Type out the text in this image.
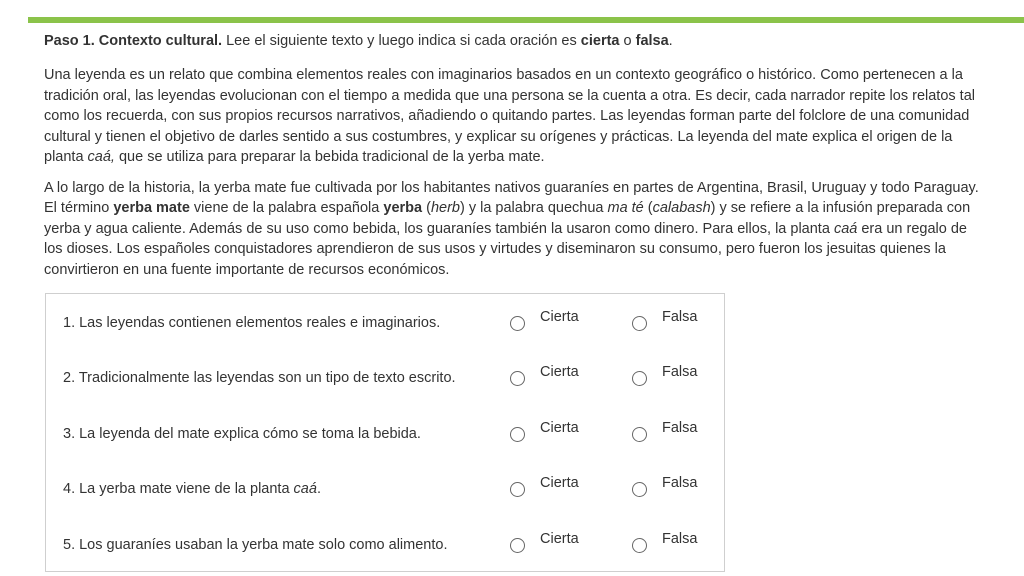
Paso 1. Contexto cultural. Lee el siguiente texto y luego indica si cada oración es cierta o falsa.

Una leyenda es un relato que combina elementos reales con imaginarios basados en un contexto geográfico o histórico. Como pertenecen a la

tradición oral, las leyendas evolucionan con el tiempo a medida que una persona se la cuenta a otra. Es decir, cada narrador repite los relatos tal

como los recuerda, con sus propios recursos narrativos, añadiendo o quitando partes. Las leyendas forman parte del folclore de una comunidad

cultural y tienen el objetivo de darles sentido a sus costumbres, y explicar su orígenes y prácticas. La leyenda del mate explica el origen de la

planta caá, que se utiliza para preparar la bebida tradicional de la yerba mate.

A lo largo de la historia, la yerba mate fue cultivada por los habitantes nativos guaraníes en partes de Argentina, Brasil, Uruguay y todo Paraguay.

El término yerba mate viene de la palabra española yerba (herb) y la palabra quechua ma té (calabash) y se refiere a la infusión preparada con

yerba y agua caliente. Además de su uso como bebida, los guaraníes también la usaron como dinero. Para ellos, la planta caá era un regalo de

los dioses. Los españoles conquistadores aprendieron de sus usos y virtudes y diseminaron su consumo, pero fueron los jesuitas quienes la

convirtieron en una fuente importante de recursos económicos.

1. Las leyendas contienen elementos reales e imaginarios.	Cierta	Falsa
2. Tradicionalmente las leyendas son un tipo de texto escrito.	Cierta	Falsa
3. La leyenda del mate explica cómo se toma la bebida.	Cierta	Falsa
4. La yerba mate viene de la planta caá.	Cierta	Falsa
5. Los guaraníes usaban la yerba mate solo como alimento.	Cierta	Falsa
